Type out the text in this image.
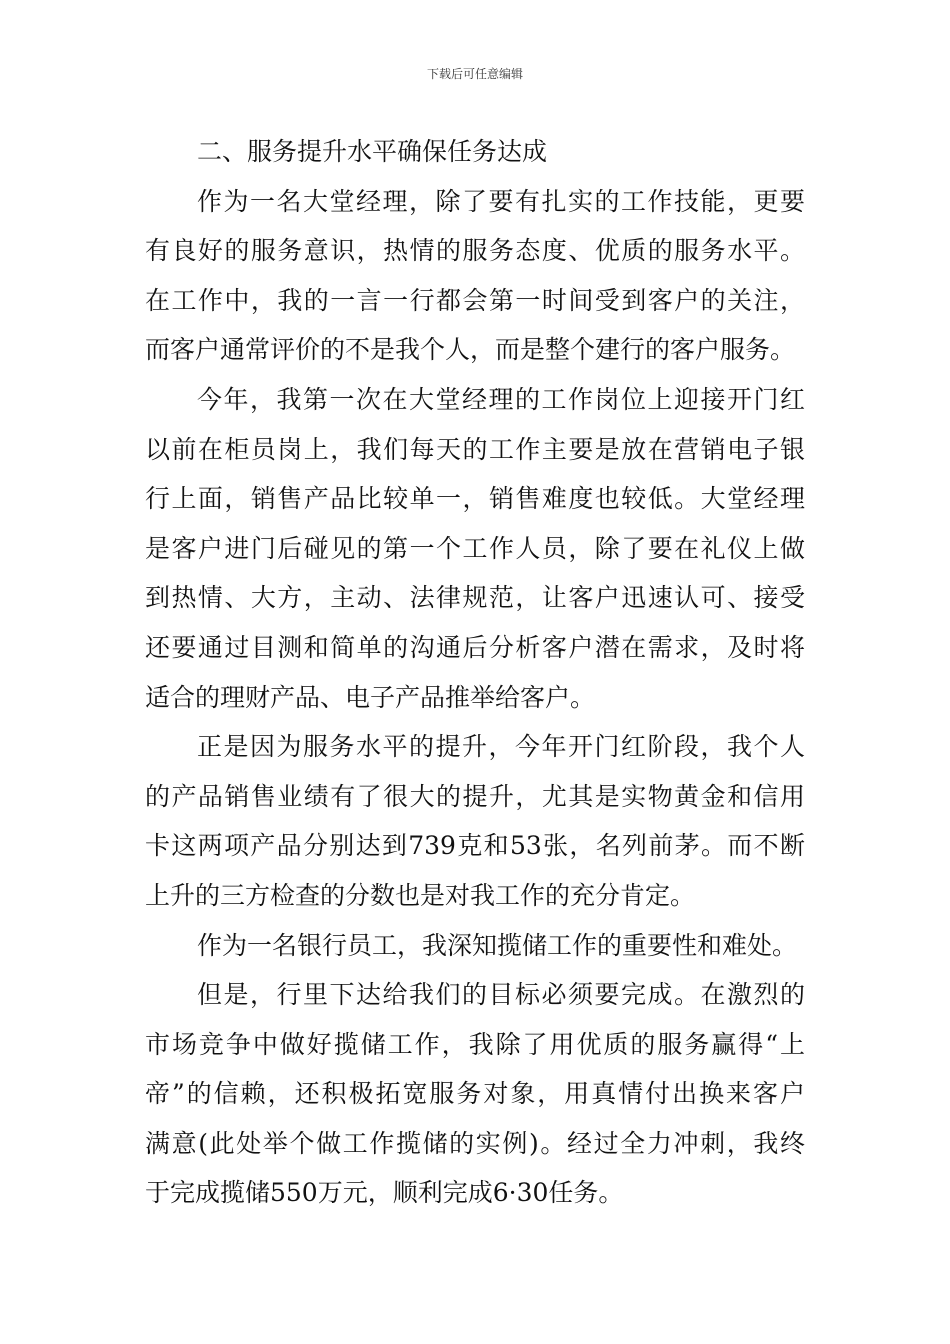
下载后可任意编辑
二、服务提升水平确保任务达成
作为一名大堂经理，除了要有扎实的工作技能，更要
有良好的服务意识，热情的服务态度、优质的服务水平。
在工作中，我的一言一行都会第一时间受到客户的关注，
而客户通常评价的不是我个人，而是整个建行的客户服务。
今年，我第一次在大堂经理的工作岗位上迎接开门红
以前在柜员岗上，我们每天的工作主要是放在营销电子银
行上面，销售产品比较单一，销售难度也较低。大堂经理
是客户进门后碰见的第一个工作人员，除了要在礼仪上做
到热情、大方，主动、法律规范，让客户迅速认可、接受
还要通过目测和简单的沟通后分析客户潜在需求，及时将
适合的理财产品、电子产品推举给客户。
正是因为服务水平的提升，今年开门红阶段，我个人
的产品销售业绩有了很大的提升，尤其是实物黄金和信用
卡这两项产品分别达到739克和53张，名列前茅。而不断
上升的三方检查的分数也是对我工作的充分肯定。
作为一名银行员工，我深知揽储工作的重要性和难处。
但是，行里下达给我们的目标必须要完成。在激烈的
市场竞争中做好揽储工作，我除了用优质的服务赢得“上
帝”的信赖，还积极拓宽服务对象，用真情付出换来客户
满意(此处举个做工作揽储的实例)。经过全力冲刺，我终
于完成揽储550万元，顺利完成6·30任务。
